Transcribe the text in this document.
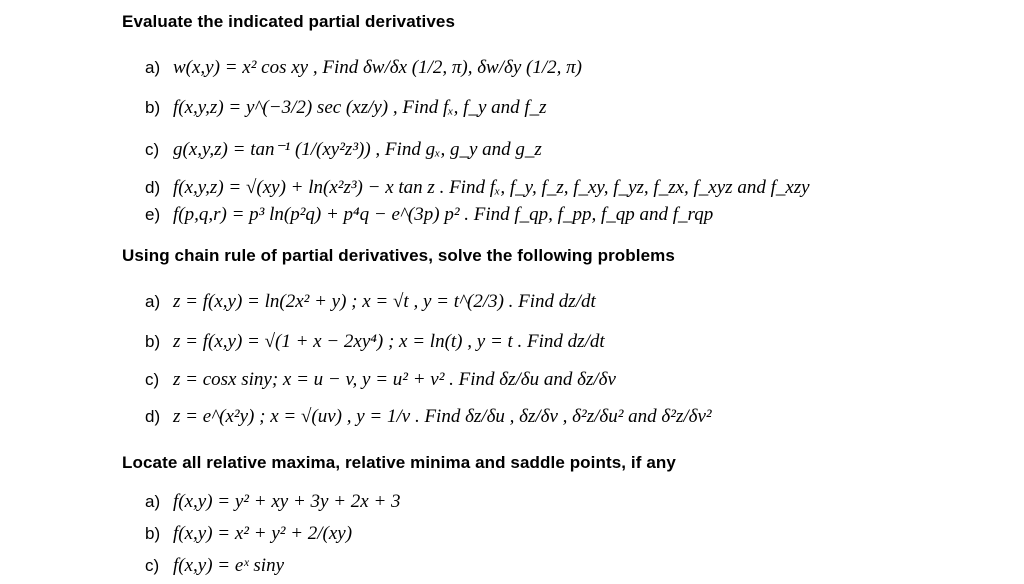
Evaluate the indicated partial derivatives
a) w(x,y) = x² cos xy , Find δw/δx (1/2, π), δw/δy (1/2, π)
b) f(x,y,z) = y^(−3/2) sec (xz/y) , Find fₓ, f_y and f_z
c) g(x,y,z) = tan⁻¹ (1/(xy²z³)) , Find gₓ, g_y and g_z
d) f(x,y,z) = √(xy) + ln(x²z³) − x tan z . Find fₓ, f_y, f_z, f_xy, f_yz, f_zx, f_xyz and f_xzy
e) f(p,q,r) = p³ ln(p²q) + p⁴q − e^(3p) p² . Find f_qp, f_pp, f_qp and f_rqp
Using chain rule of partial derivatives, solve the following problems
a) z = f(x,y) = ln(2x² + y) ; x = √t , y = t^(2/3) . Find dz/dt
b) z = f(x,y) = √(1 + x − 2xy⁴) ; x = ln(t) , y = t . Find dz/dt
c) z = cosx siny; x = u − v, y = u² + v² . Find δz/δu and δz/δv
d) z = e^(x²y) ; x = √(uv) , y = 1/v . Find δz/δu , δz/δv , δ²z/δu² and δ²z/δv²
Locate all relative maxima, relative minima and saddle points, if any
a) f(x,y) = y² + xy + 3y + 2x + 3
b) f(x,y) = x² + y² + 2/(xy)
c) f(x,y) = eˣ siny
